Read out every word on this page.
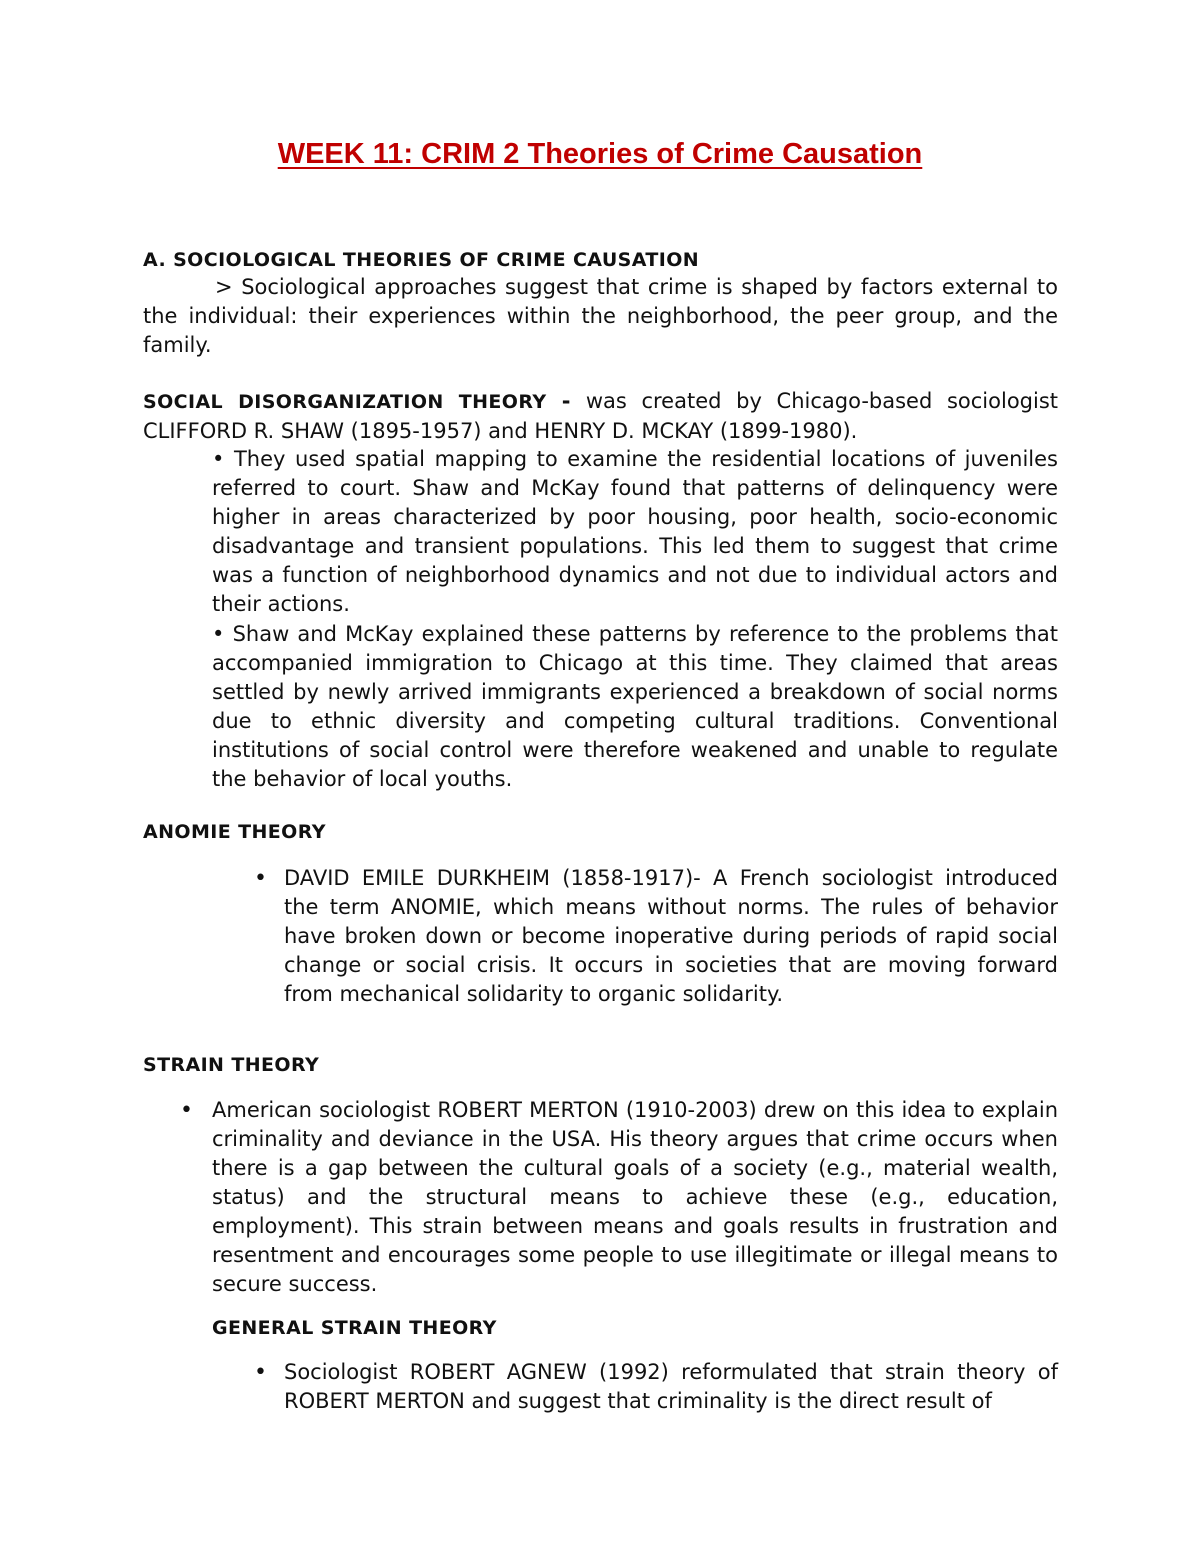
WEEK 11: CRIM 2 Theories of Crime Causation
A. SOCIOLOGICAL THEORIES OF CRIME CAUSATION
> Sociological approaches suggest that crime is shaped by factors external to the individual: their experiences within the neighborhood, the peer group, and the family.
SOCIAL DISORGANIZATION THEORY - was created by Chicago-based sociologist CLIFFORD R. SHAW (1895-1957) and HENRY D. MCKAY (1899-1980).
• They used spatial mapping to examine the residential locations of juveniles referred to court. Shaw and McKay found that patterns of delinquency were higher in areas characterized by poor housing, poor health, socio-economic disadvantage and transient populations. This led them to suggest that crime was a function of neighborhood dynamics and not due to individual actors and their actions.
• Shaw and McKay explained these patterns by reference to the problems that accompanied immigration to Chicago at this time. They claimed that areas settled by newly arrived immigrants experienced a breakdown of social norms due to ethnic diversity and competing cultural traditions. Conventional institutions of social control were therefore weakened and unable to regulate the behavior of local youths.
ANOMIE THEORY
• DAVID EMILE DURKHEIM (1858-1917)- A French sociologist introduced the term ANOMIE, which means without norms. The rules of behavior have broken down or become inoperative during periods of rapid social change or social crisis. It occurs in societies that are moving forward from mechanical solidarity to organic solidarity.
STRAIN THEORY
• American sociologist ROBERT MERTON (1910-2003) drew on this idea to explain criminality and deviance in the USA. His theory argues that crime occurs when there is a gap between the cultural goals of a society (e.g., material wealth, status) and the structural means to achieve these (e.g., education, employment). This strain between means and goals results in frustration and resentment and encourages some people to use illegitimate or illegal means to secure success.
GENERAL STRAIN THEORY
• Sociologist ROBERT AGNEW (1992) reformulated that strain theory of ROBERT MERTON and suggest that criminality is the direct result of
